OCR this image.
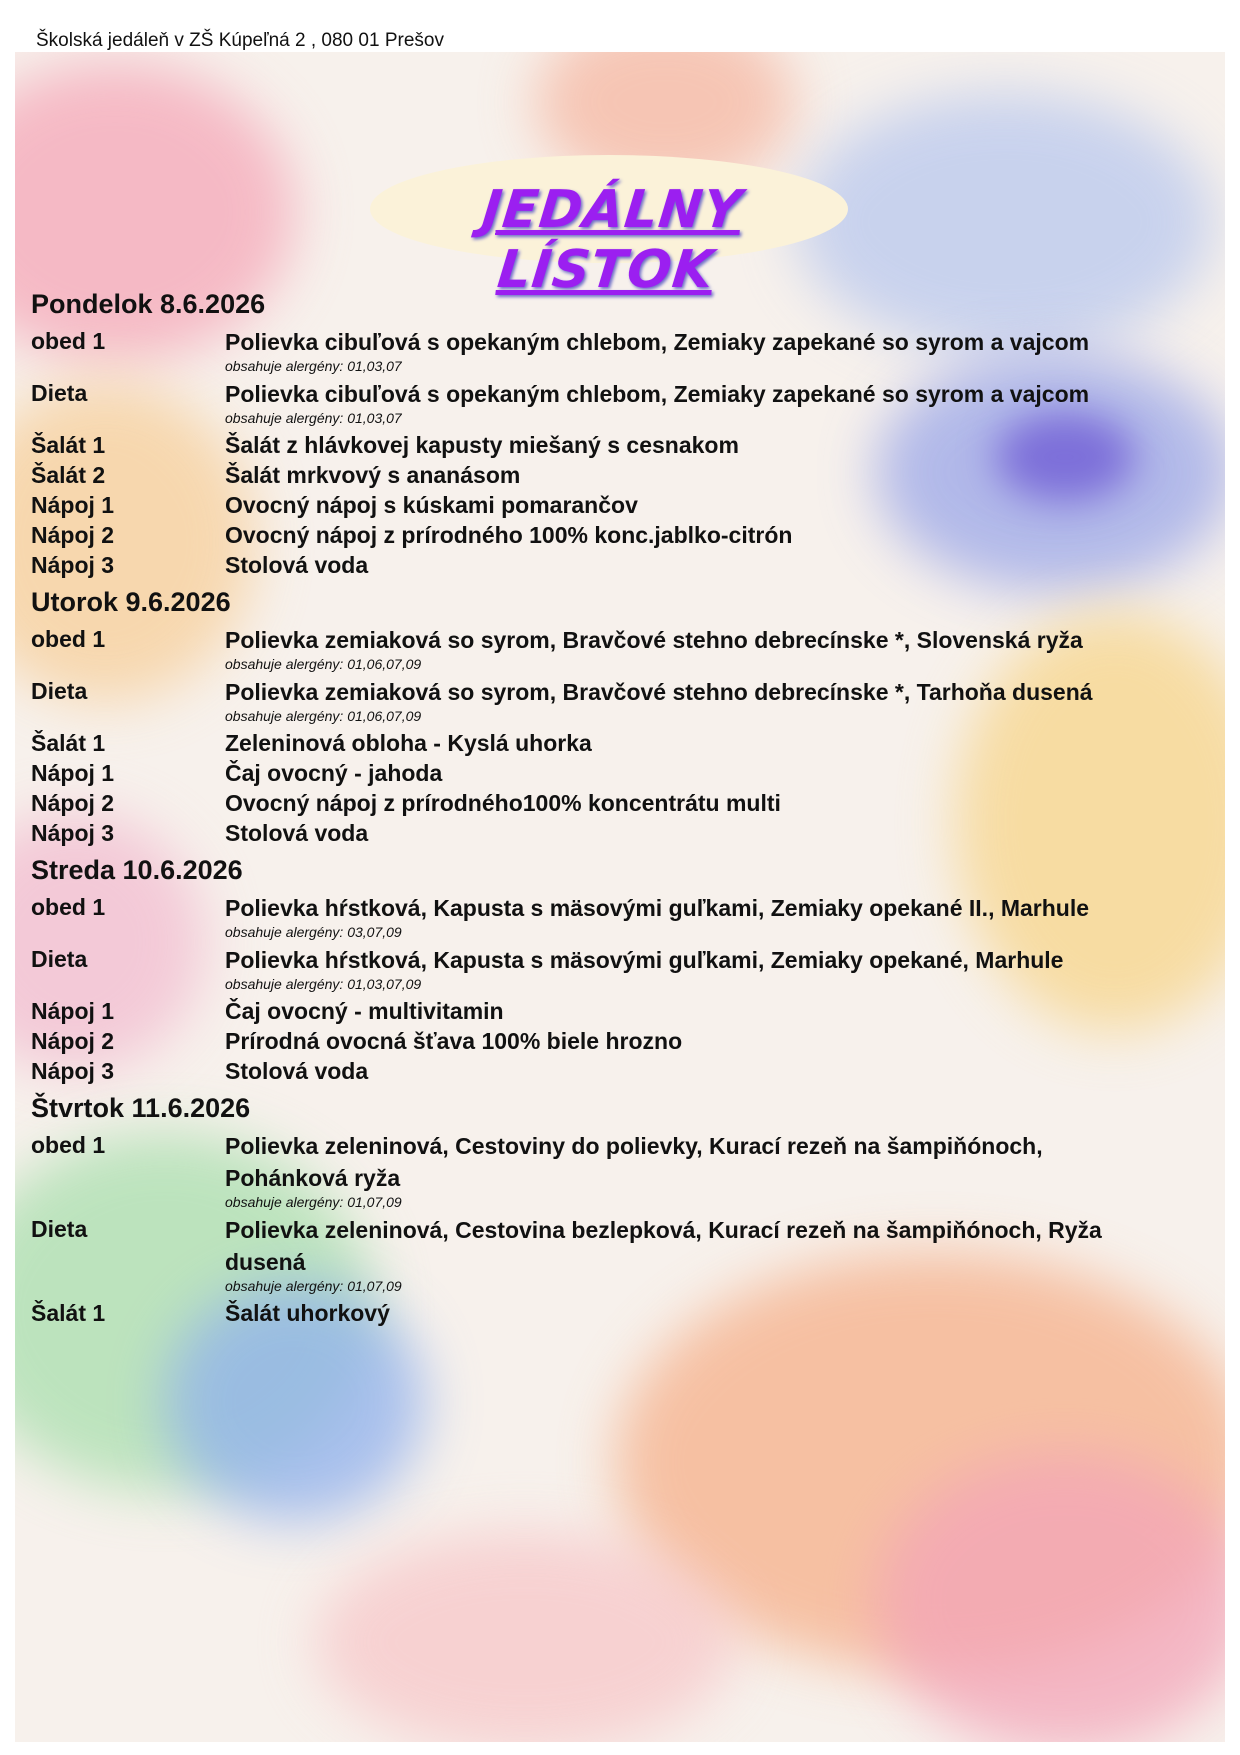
Školská jedáleň v ZŠ Kúpeľná 2 , 080 01 Prešov
JEDÁLNY LÍSTOK
Pondelok 8.6.2026
obed 1	Polievka cibuľová s opekaným chlebom, Zemiaky zapekané so syrom a vajcom
obsahuje alergény: 01,03,07
Dieta	Polievka cibuľová s opekaným chlebom, Zemiaky zapekané so syrom a vajcom
obsahuje alergény: 01,03,07
Šalát 1	Šalát z hlávkovej kapusty miešaný s cesnakom
Šalát 2	Šalát mrkvový s ananásom
Nápoj 1	Ovocný nápoj s kúskami pomarančov
Nápoj 2	Ovocný nápoj z prírodného 100% konc.jablko-citrón
Nápoj 3	Stolová voda
Utorok 9.6.2026
obed 1	Polievka zemiaková so syrom, Bravčové stehno debrecínske *, Slovenská ryža
obsahuje alergény: 01,06,07,09
Dieta	Polievka zemiaková so syrom, Bravčové stehno debrecínske *, Tarhoňa dusená
obsahuje alergény: 01,06,07,09
Šalát 1	Zeleninová obloha - Kyslá uhorka
Nápoj 1	Čaj ovocný - jahoda
Nápoj 2	Ovocný nápoj z prírodného100% koncentrátu multi
Nápoj 3	Stolová voda
Streda 10.6.2026
obed 1	Polievka hŕstková, Kapusta s mäsovými guľkami, Zemiaky opekané II., Marhule
obsahuje alergény: 03,07,09
Dieta	Polievka hŕstková, Kapusta s mäsovými guľkami, Zemiaky opekané, Marhule
obsahuje alergény: 01,03,07,09
Nápoj 1	Čaj ovocný - multivitamin
Nápoj 2	Prírodná ovocná šťava 100% biele hrozno
Nápoj 3	Stolová voda
Štvrtok 11.6.2026
obed 1	Polievka zeleninová, Cestoviny do polievky, Kurací rezeň na šampiňónoch, Pohánková ryža
obsahuje alergény: 01,07,09
Dieta	Polievka zeleninová, Cestovina bezlepková, Kurací rezeň na šampiňónoch, Ryža dusená
obsahuje alergény: 01,07,09
Šalát 1	Šalát uhorkový
